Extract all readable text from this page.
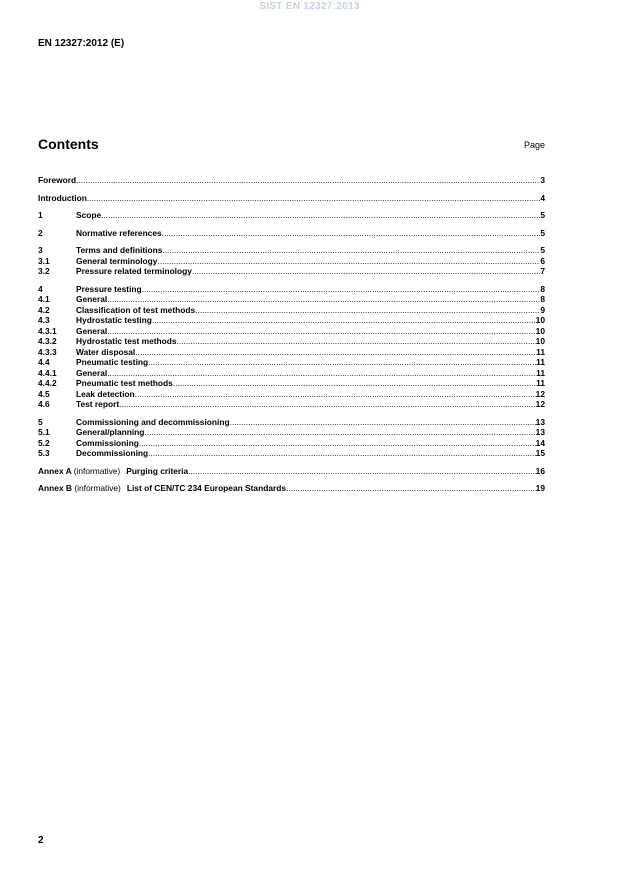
SIST EN 12327:2013
EN 12327:2012 (E)
Contents	Page
Foreword .....	3
Introduction .....	4
1	Scope .....	5
2	Normative references .....	5
3	Terms and definitions .....	5
3.1	General terminology .....	6
3.2	Pressure related terminology .....	7
4	Pressure testing .....	8
4.1	General .....	8
4.2	Classification of test methods .....	9
4.3	Hydrostatic testing .....	10
4.3.1	General .....	10
4.3.2	Hydrostatic test methods .....	10
4.3.3	Water disposal .....	11
4.4	Pneumatic testing .....	11
4.4.1	General .....	11
4.4.2	Pneumatic test methods .....	11
4.5	Leak detection .....	12
4.6	Test report .....	12
5	Commissioning and decommissioning .....	13
5.1	General/planning .....	13
5.2	Commissioning .....	14
5.3	Decommissioning .....	15
Annex A (informative) Purging criteria .....	16
Annex B (informative) List of CEN/TC 234 European Standards .....	19
2
